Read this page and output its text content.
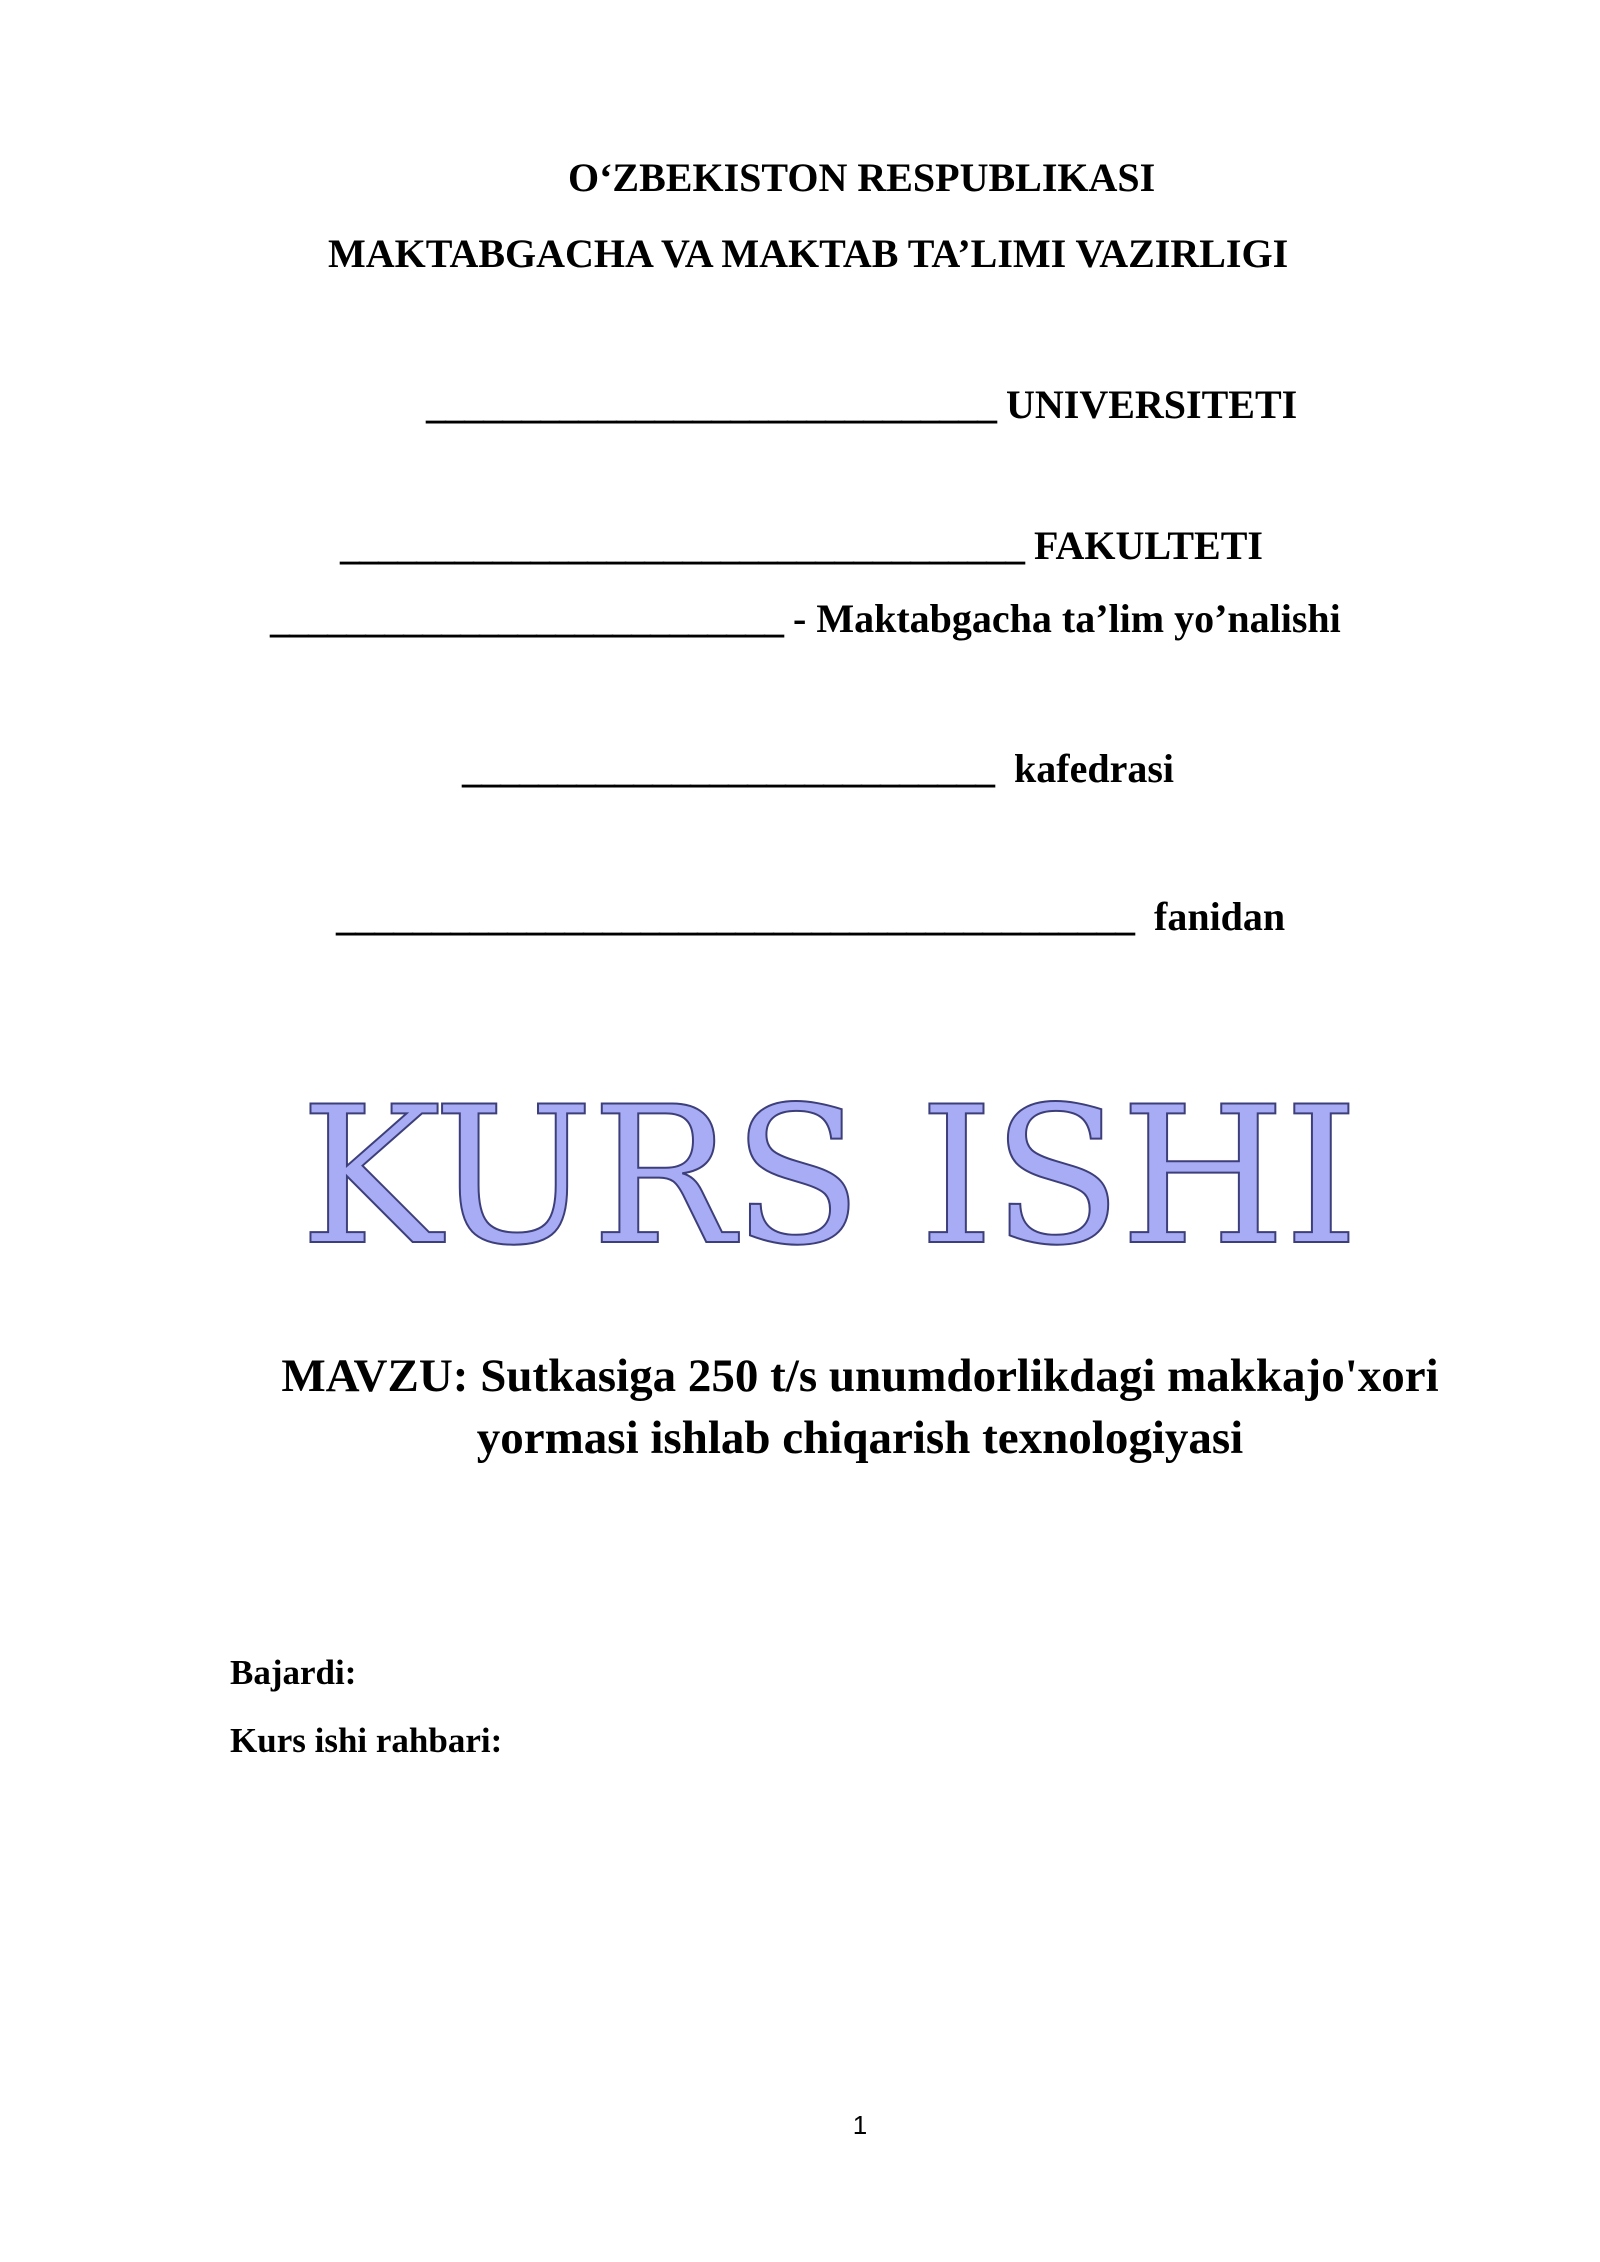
O‘ZBEKISTON RESPUBLIKASI
MAKTABGACHA VA MAKTAB TA’LIMI VAZIRLIGI
______________________________ UNIVERSITETI
____________________________________ FAKULTETI
___________________________ - Maktabgacha ta’lim yo’nalishi
____________________________  kafedrasi
__________________________________________  fanidan
KURS ISHI
MAVZU: Sutkasiga 250 t/s unumdorlikdagi makkajo'xori
yormasi ishlab chiqarish texnologiyasi
Bajardi:
Kurs ishi rahbari:
1
